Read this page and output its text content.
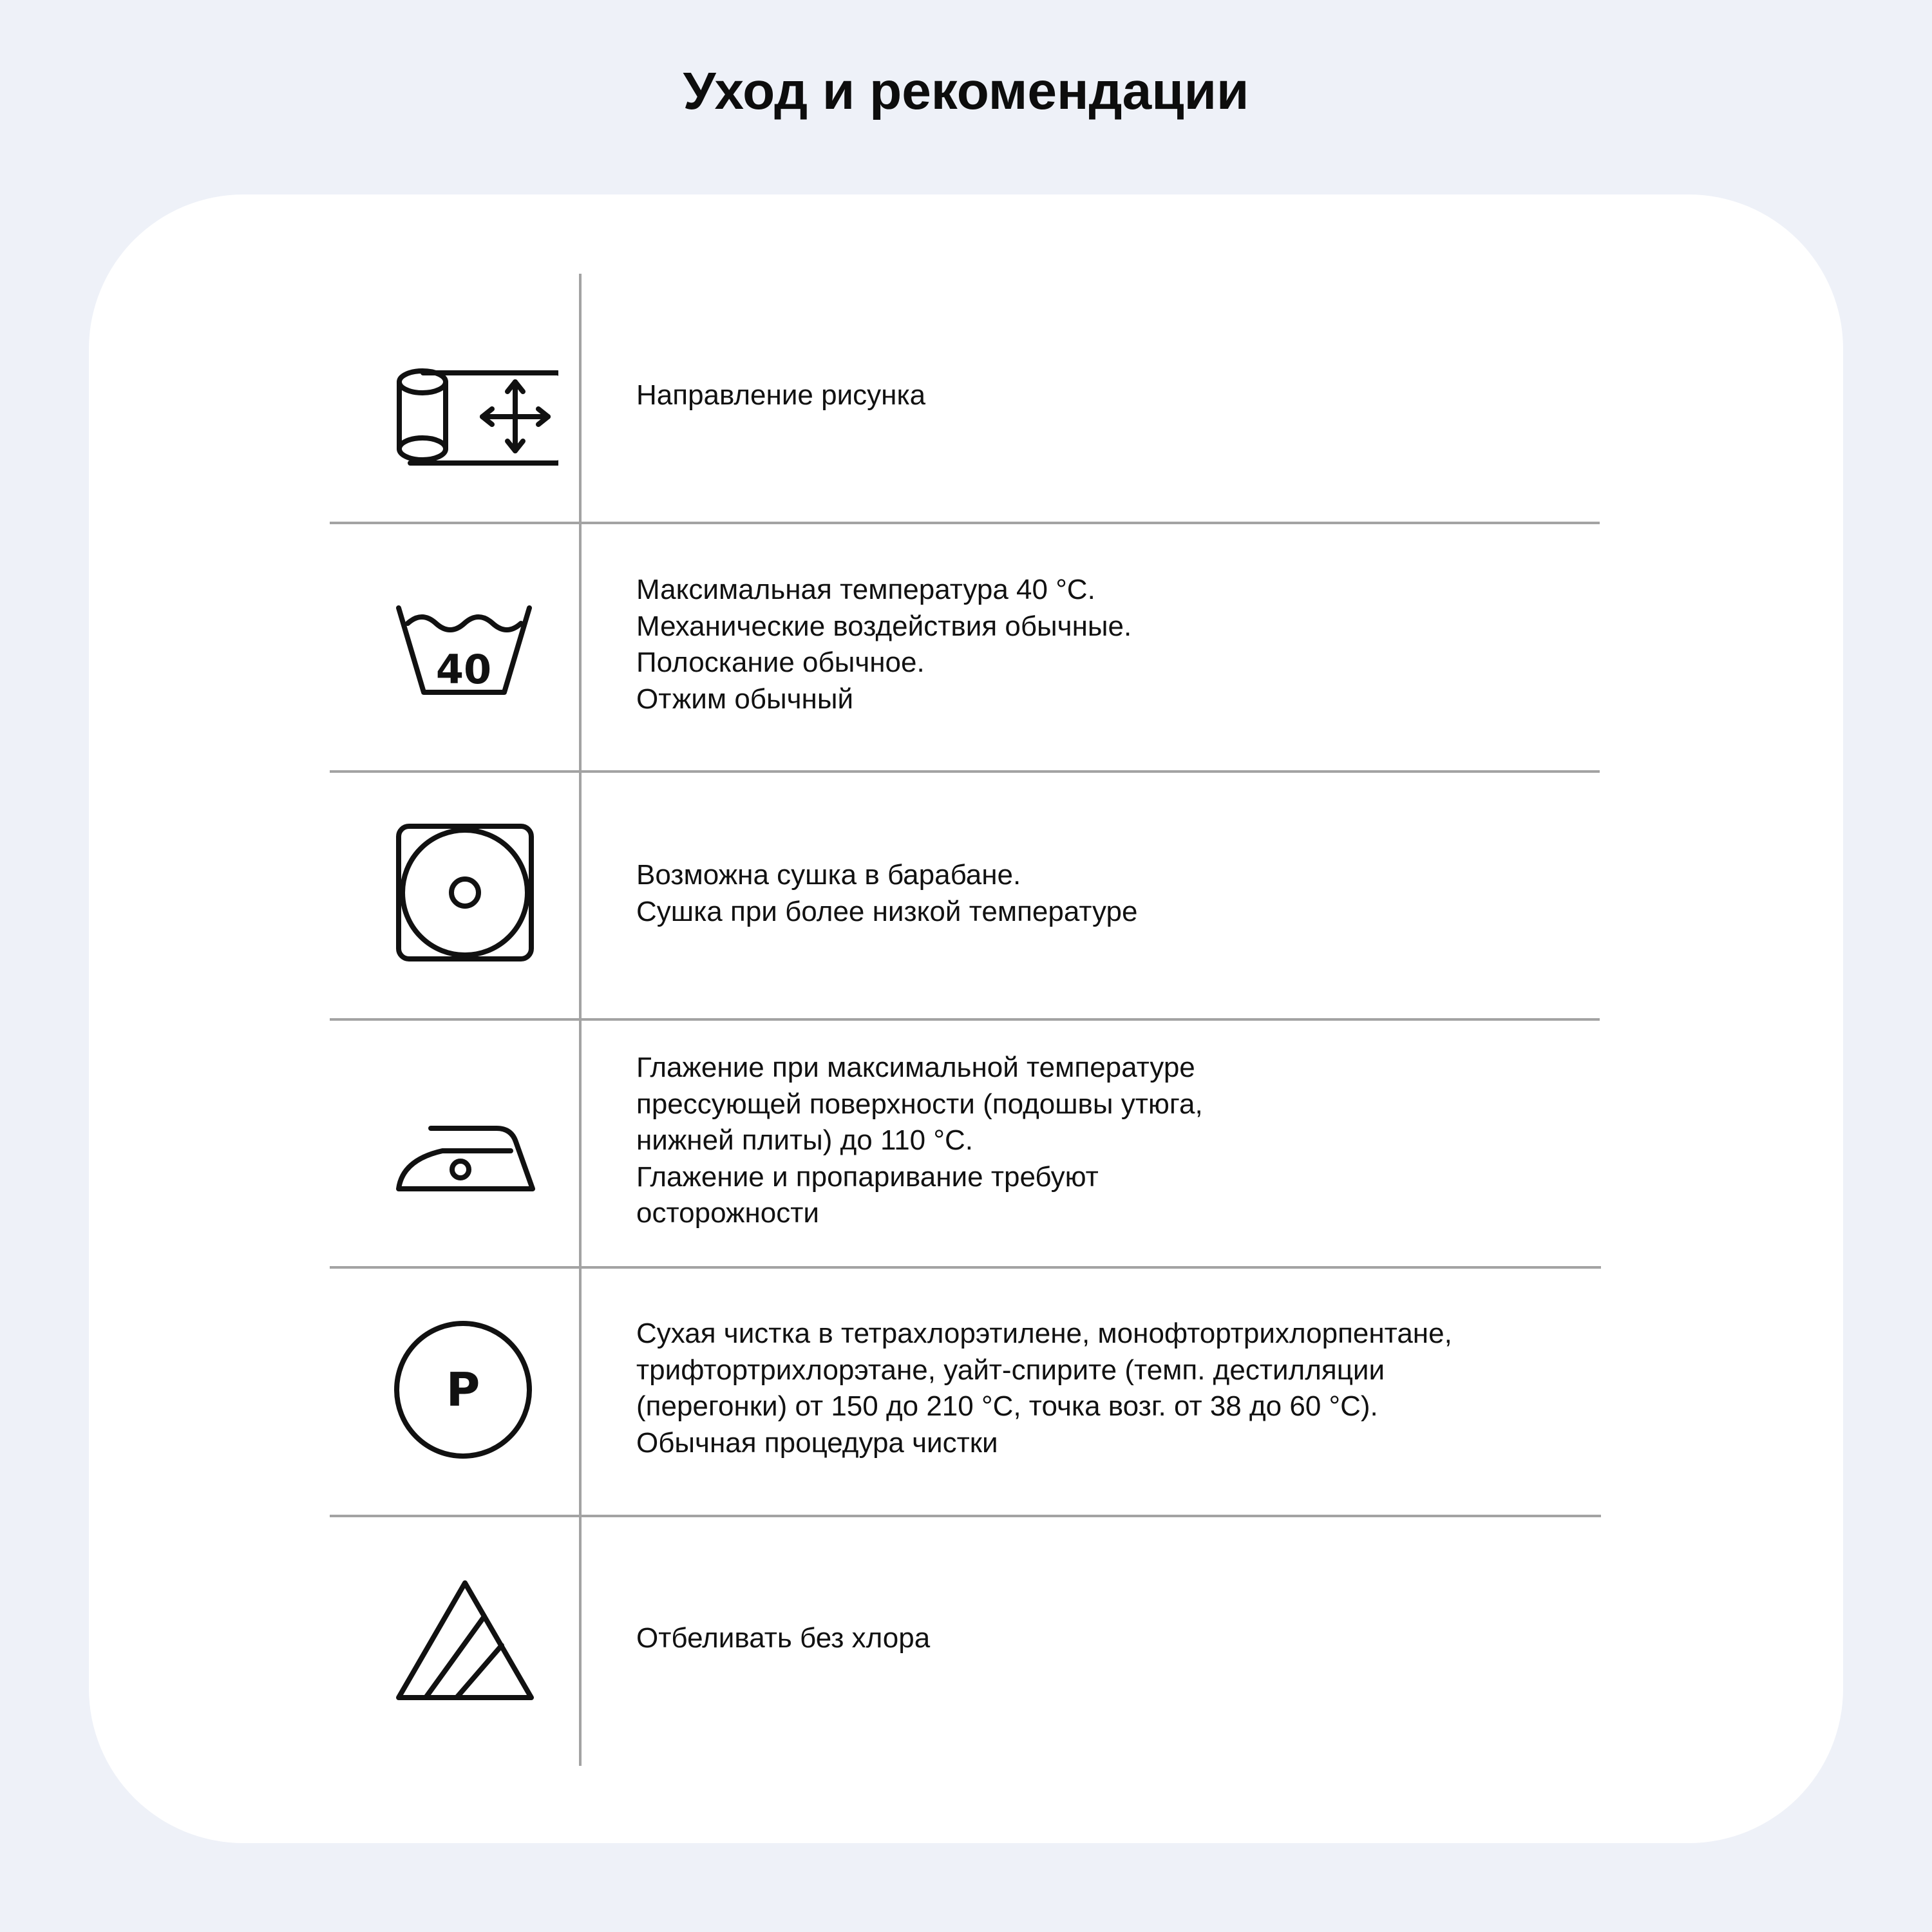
Уход и рекомендации
Направление рисунка
40
Максимальная температура 40 °С.
Механические воздействия обычные.
Полоскание обычное.
Отжим обычный
Возможна сушка в барабане.
Сушка при более низкой температуре
Глажение при максимальной температуре
прессующей поверхности (подошвы утюга,
нижней плиты) до 110 °С.
Глажение и пропаривание требуют
осторожности
P
Сухая чистка в тетрахлорэтилене, монофтортрихлорпентане,
трифтортрихлорэтане, уайт-спирите (темп. дестилляции
(перегонки) от 150 до 210 °С, точка возг. от 38 до 60 °С).
Обычная процедура чистки
Отбеливать без хлора
